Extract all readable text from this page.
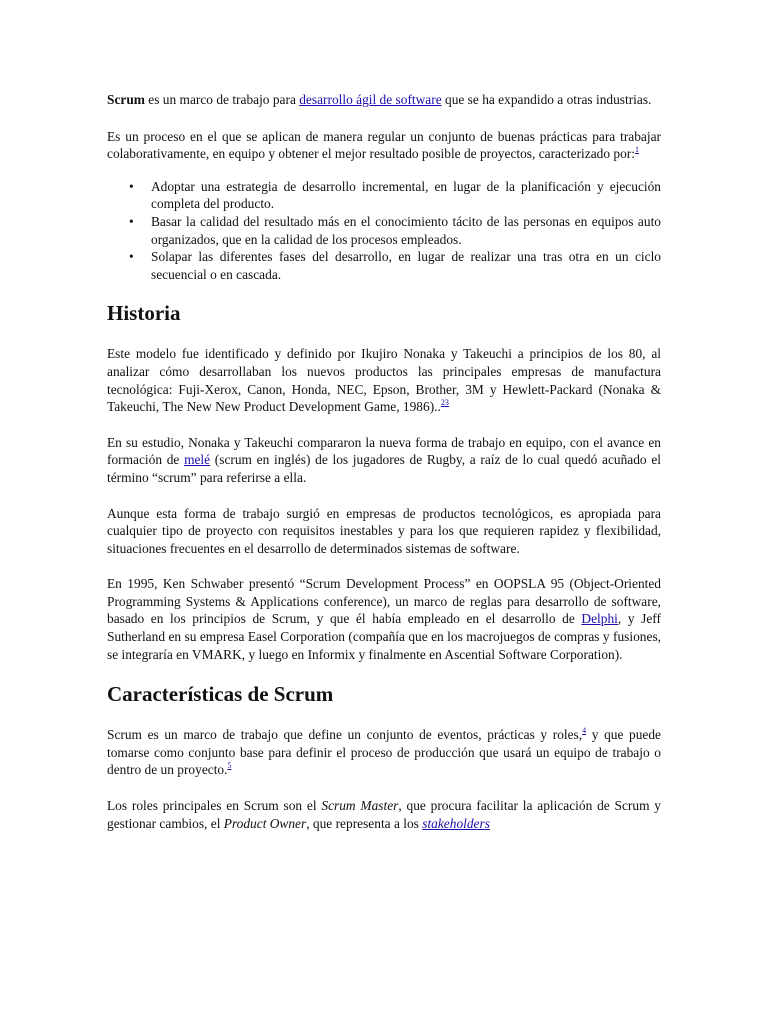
Scrum es un marco de trabajo para desarrollo ágil de software que se ha expandido a otras industrias.

Es un proceso en el que se aplican de manera regular un conjunto de buenas prácticas para trabajar colaborativamente, en equipo y obtener el mejor resultado posible de proyectos, caracterizado por:$^1$

• Adoptar una estrategia de desarrollo incremental, en lugar de la planificación y ejecución completa del producto.
• Basar la calidad del resultado más en el conocimiento tácito de las personas en equipos auto organizados, que en la calidad de los procesos empleados.
• Solapar las diferentes fases del desarrollo, en lugar de realizar una tras otra en un ciclo secuencial o en cascada.
Historia

Este modelo fue identificado y definido por Ikujiro Nonaka y Takeuchi a principios de los 80, al analizar cómo desarrollaban los nuevos productos las principales empresas de manufactura tecnológica: Fuji-Xerox, Canon, Honda, NEC, Epson, Brother, 3M y Hewlett-Packard (Nonaka & Takeuchi, The New New Product Development Game, 1986)..$^{23}$

En su estudio, Nonaka y Takeuchi compararon la nueva forma de trabajo en equipo, con el avance en formación de melé (scrum en inglés) de los jugadores de Rugby, a raíz de lo cual quedó acuñado el término “scrum” para referirse a ella.

Aunque esta forma de trabajo surgió en empresas de productos tecnológicos, es apropiada para cualquier tipo de proyecto con requisitos inestables y para los que requieren rapidez y flexibilidad, situaciones frecuentes en el desarrollo de determinados sistemas de software.

En 1995, Ken Schwaber presentó “Scrum Development Process” en OOPSLA 95 (Object-Oriented Programming Systems & Applications conference), un marco de reglas para desarrollo de software, basado en los principios de Scrum, y que él había empleado en el desarrollo de Delphi, y Jeff Sutherland en su empresa Easel Corporation (compañía que en los macrojuegos de compras y fusiones, se integraría en VMARK, y luego en Informix y finalmente en Ascential Software Corporation).

Características de Scrum

Scrum es un marco de trabajo que define un conjunto de eventos, prácticas y roles,$^4$ y que puede tomarse como conjunto base para definir el proceso de producción que usará un equipo de trabajo o dentro de un proyecto.$^5$

Los roles principales en Scrum son el Scrum Master, que procura facilitar la aplicación de Scrum y gestionar cambios, el Product Owner, que representa a los stakeholders
